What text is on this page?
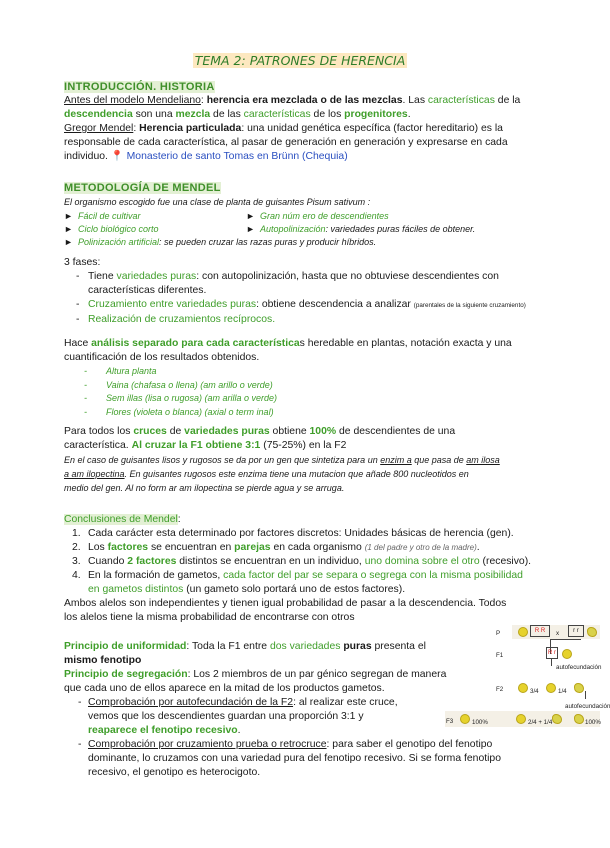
TEMA 2: PATRONES DE HERENCIA
INTRODUCCIÓN. HISTORIA
Antes del modelo Mendeliano: herencia era mezclada o de las mezclas. Las características de la
descendencia son una mezcla de las características de los progenitores.
Gregor Mendel: Herencia particulada: una unidad genética específica (factor hereditario) es la
responsable de cada característica, al pasar de generación en generación y expresarse en cada
individuo. 📍 Monasterio de santo Tomas en Brünn (Chequia)
METODOLOGÍA DE MENDEL
El organismo escogido fue una clase de planta de guisantes Pisum sativum :
► Fácil de cultivar	► Gran núm ero de descendientes
► Ciclo biológico corto	► Autopolinización: variedades puras fáciles de obtener.
► Polinización artificial: se pueden cruzar las razas puras y producir híbridos.
3 fases:
- Tiene variedades puras: con autopolinización, hasta que no obtuviese descendientes con
características diferentes.
- Cruzamiento entre variedades puras: obtiene descendencia a analizar (parentales de la siguiente cruzamiento)
- Realización de cruzamientos recíprocos.
Hace análisis separado para cada características heredable en plantas, notación exacta y una
cuantificación de los resultados obtenidos.
- Altura planta
- Vaina (chafasa o llena) (am arillo o verde)
- Sem illas (lisa o rugosa) (am arilla o verde)
- Flores (violeta o blanca) (axial o term inal)
Para todos los cruces de variedades puras obtiene 100% de descendientes de una
característica. Al cruzar la F1 obtiene 3:1 (75-25%) en la F2
En el caso de guisantes lisos y rugosos se da por un gen que sintetiza para un enzim a que pasa de am ilosa
a am ilopectina. En guisantes rugosos este enzima tiene una mutacion que añade 800 nucleotidos en
medio del gen. Al no form ar am ilopectina se pierde agua y se arruga.
Conclusiones de Mendel:
1. Cada carácter esta determinado por factores discretos: Unidades básicas de herencia (gen).
2. Los factores se encuentran en parejas en cada organismo (1 del padre y otro de la madre).
3. Cuando 2 factores distintos se encuentran en un individuo, uno domina sobre el otro (recesivo).
4. En la formación de gametos, cada factor del par se separa o segrega con la misma posibilidad
en gametos distintos (un gameto solo portará uno de estos factores).
Ambos alelos son independientes y tienen igual probabilidad de pasar a la descendencia. Todos
los alelos tiene la misma probabilidad de encontrarse con otros
Principio de uniformidad: Toda la F1 entre dos variedades puras presenta el
mismo fenotipo
Principio de segregación: Los 2 miembros de un par génico segregan de manera
que cada uno de ellos aparece en la mitad de los productos gametos.
- Comprobación por autofecundación de la F2: al realizar este cruce,
vemos que los descendientes guardan una proporción 3:1 y
reaparece el fenotipo recesivo.
- Comprobación por cruzamiento prueba o retrocruce: para saber el genotipo del fenotipo
dominante, lo cruzamos con una variedad pura del fenotipo recesivo. Si se forma fenotipo
recesivo, el genotipo es heterocigoto.
P	R R	x	r r
F1	R r
autofecundación
F2	3/4	1/4
autofecundación
F3	100%	2/4 + 1/4	100%
